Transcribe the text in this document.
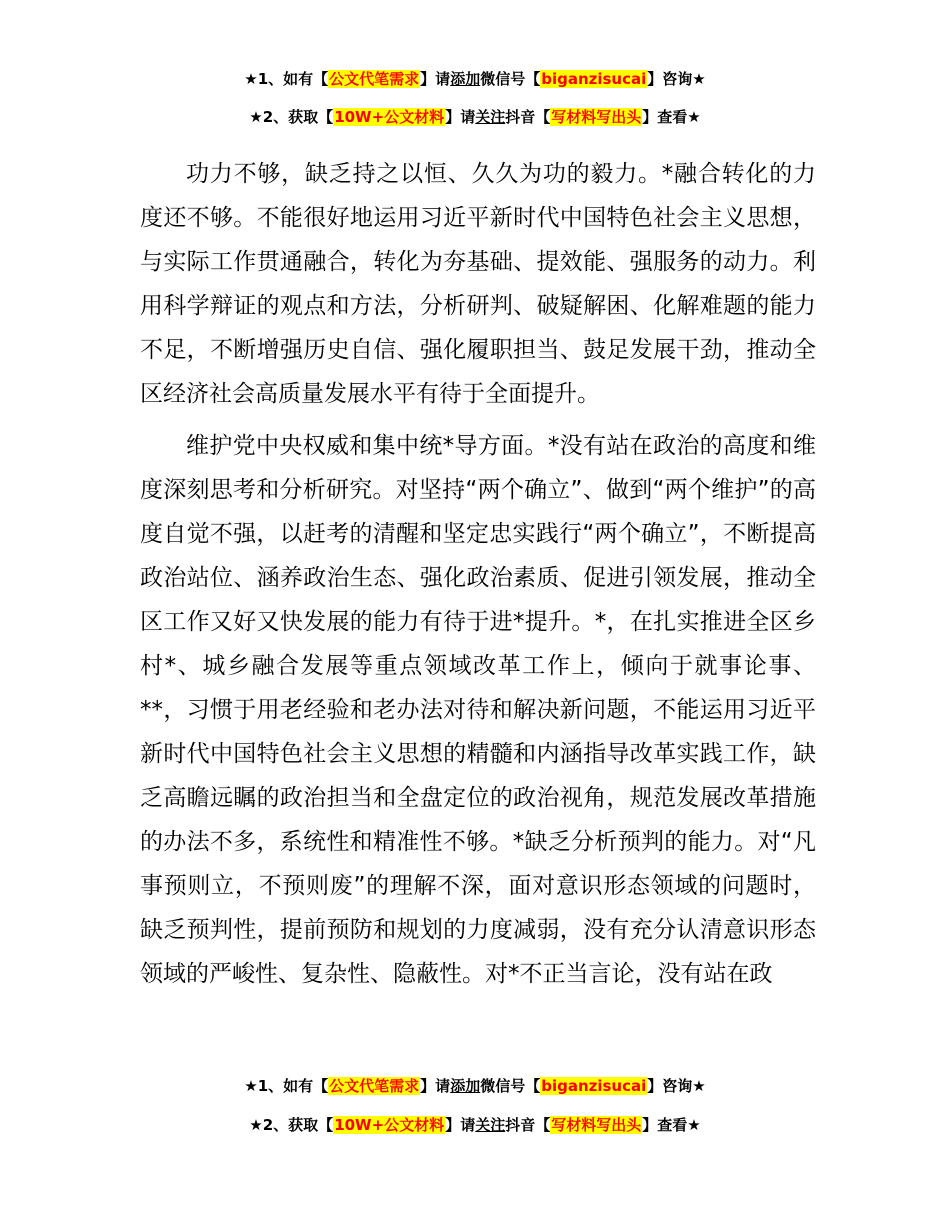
★1、如有【公文代笔需求】请添加微信号【biganzisucai】咨询★
★2、获取【10W+公文材料】请关注抖音【写材料写出头】查看★

功力不够，缺乏持之以恒、久久为功的毅力。*融合转化的力度还不够。不能很好地运用习近平新时代中国特色社会主义思想，与实际工作贯通融合，转化为夯基础、提效能、强服务的动力。利用科学辩证的观点和方法，分析研判、破疑解困、化解难题的能力不足，不断增强历史自信、强化履职担当、鼓足发展干劲，推动全区经济社会高质量发展水平有待于全面提升。

维护党中央权威和集中统*导方面。*没有站在政治的高度和维度深刻思考和分析研究。对坚持“两个确立”、做到“两个维护”的高度自觉不强，以赶考的清醒和坚定忠实践行“两个确立”，不断提高政治站位、涵养政治生态、强化政治素质、促进引领发展，推动全区工作又好又快发展的能力有待于进*提升。*，在扎实推进全区乡村*、城乡融合发展等重点领域改革工作上，倾向于就事论事、**，习惯于用老经验和老办法对待和解决新问题，不能运用习近平新时代中国特色社会主义思想的精髓和内涵指导改革实践工作，缺乏高瞻远瞩的政治担当和全盘定位的政治视角，规范发展改革措施的办法不多，系统性和精准性不够。*缺乏分析预判的能力。对“凡事预则立，不预则废”的理解不深，面对意识形态领域的问题时，缺乏预判性，提前预防和规划的力度减弱，没有充分认清意识形态领域的严峻性、复杂性、隐蔽性。对*不正当言论，没有站在政

★1、如有【公文代笔需求】请添加微信号【biganzisucai】咨询★
★2、获取【10W+公文材料】请关注抖音【写材料写出头】查看★
